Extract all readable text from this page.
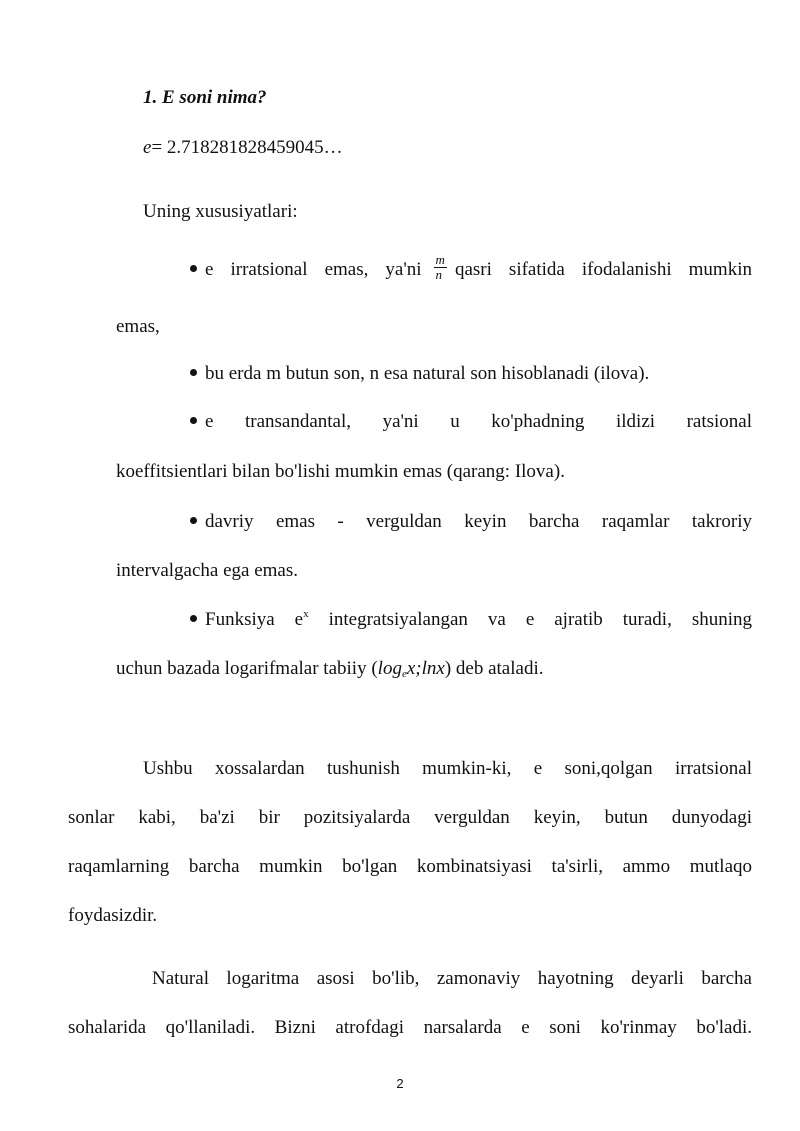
1. E soni nima?
e= 2.718281828459045…
Uning xususiyatlari:
e irratsional emas, $ya'ni \frac{m}{n}$ qasri sifatida ifodalanishi mumkin
emas,
bu erda m butun son, n esa natural son hisoblanadi (ilova).
e transandantal, ya'ni u ko'phadning ildizi ratsional
koeffitsientlari bilan bo'lishi mumkin emas (qarang: Ilova).
davriy emas - verguldan keyin barcha raqamlar takroriy
intervalgacha ega emas.
Funksiya $e^x$ integratsiyalangan va e ajratib turadi, shuning
uchun bazada logarifmalar tabiiy $(\log_ex;\ln x)$ deb ataladi.
Ushbu xossalardan tushunish mumkin-ki, e soni,qolgan irratsional
sonlar kabi, ba'zi bir pozitsiyalarda verguldan keyin, butun dunyodagi
raqamlarning barcha mumkin bo'lgan kombinatsiyasi ta'sirli, ammo mutlaqo
foydasizdir.
Natural logaritma asosi bo'lib, zamonaviy hayotning deyarli barcha
sohalarida qo'llaniladi. Bizni atrofdagi narsalarda e soni ko'rinmay bo'ladi.
2
